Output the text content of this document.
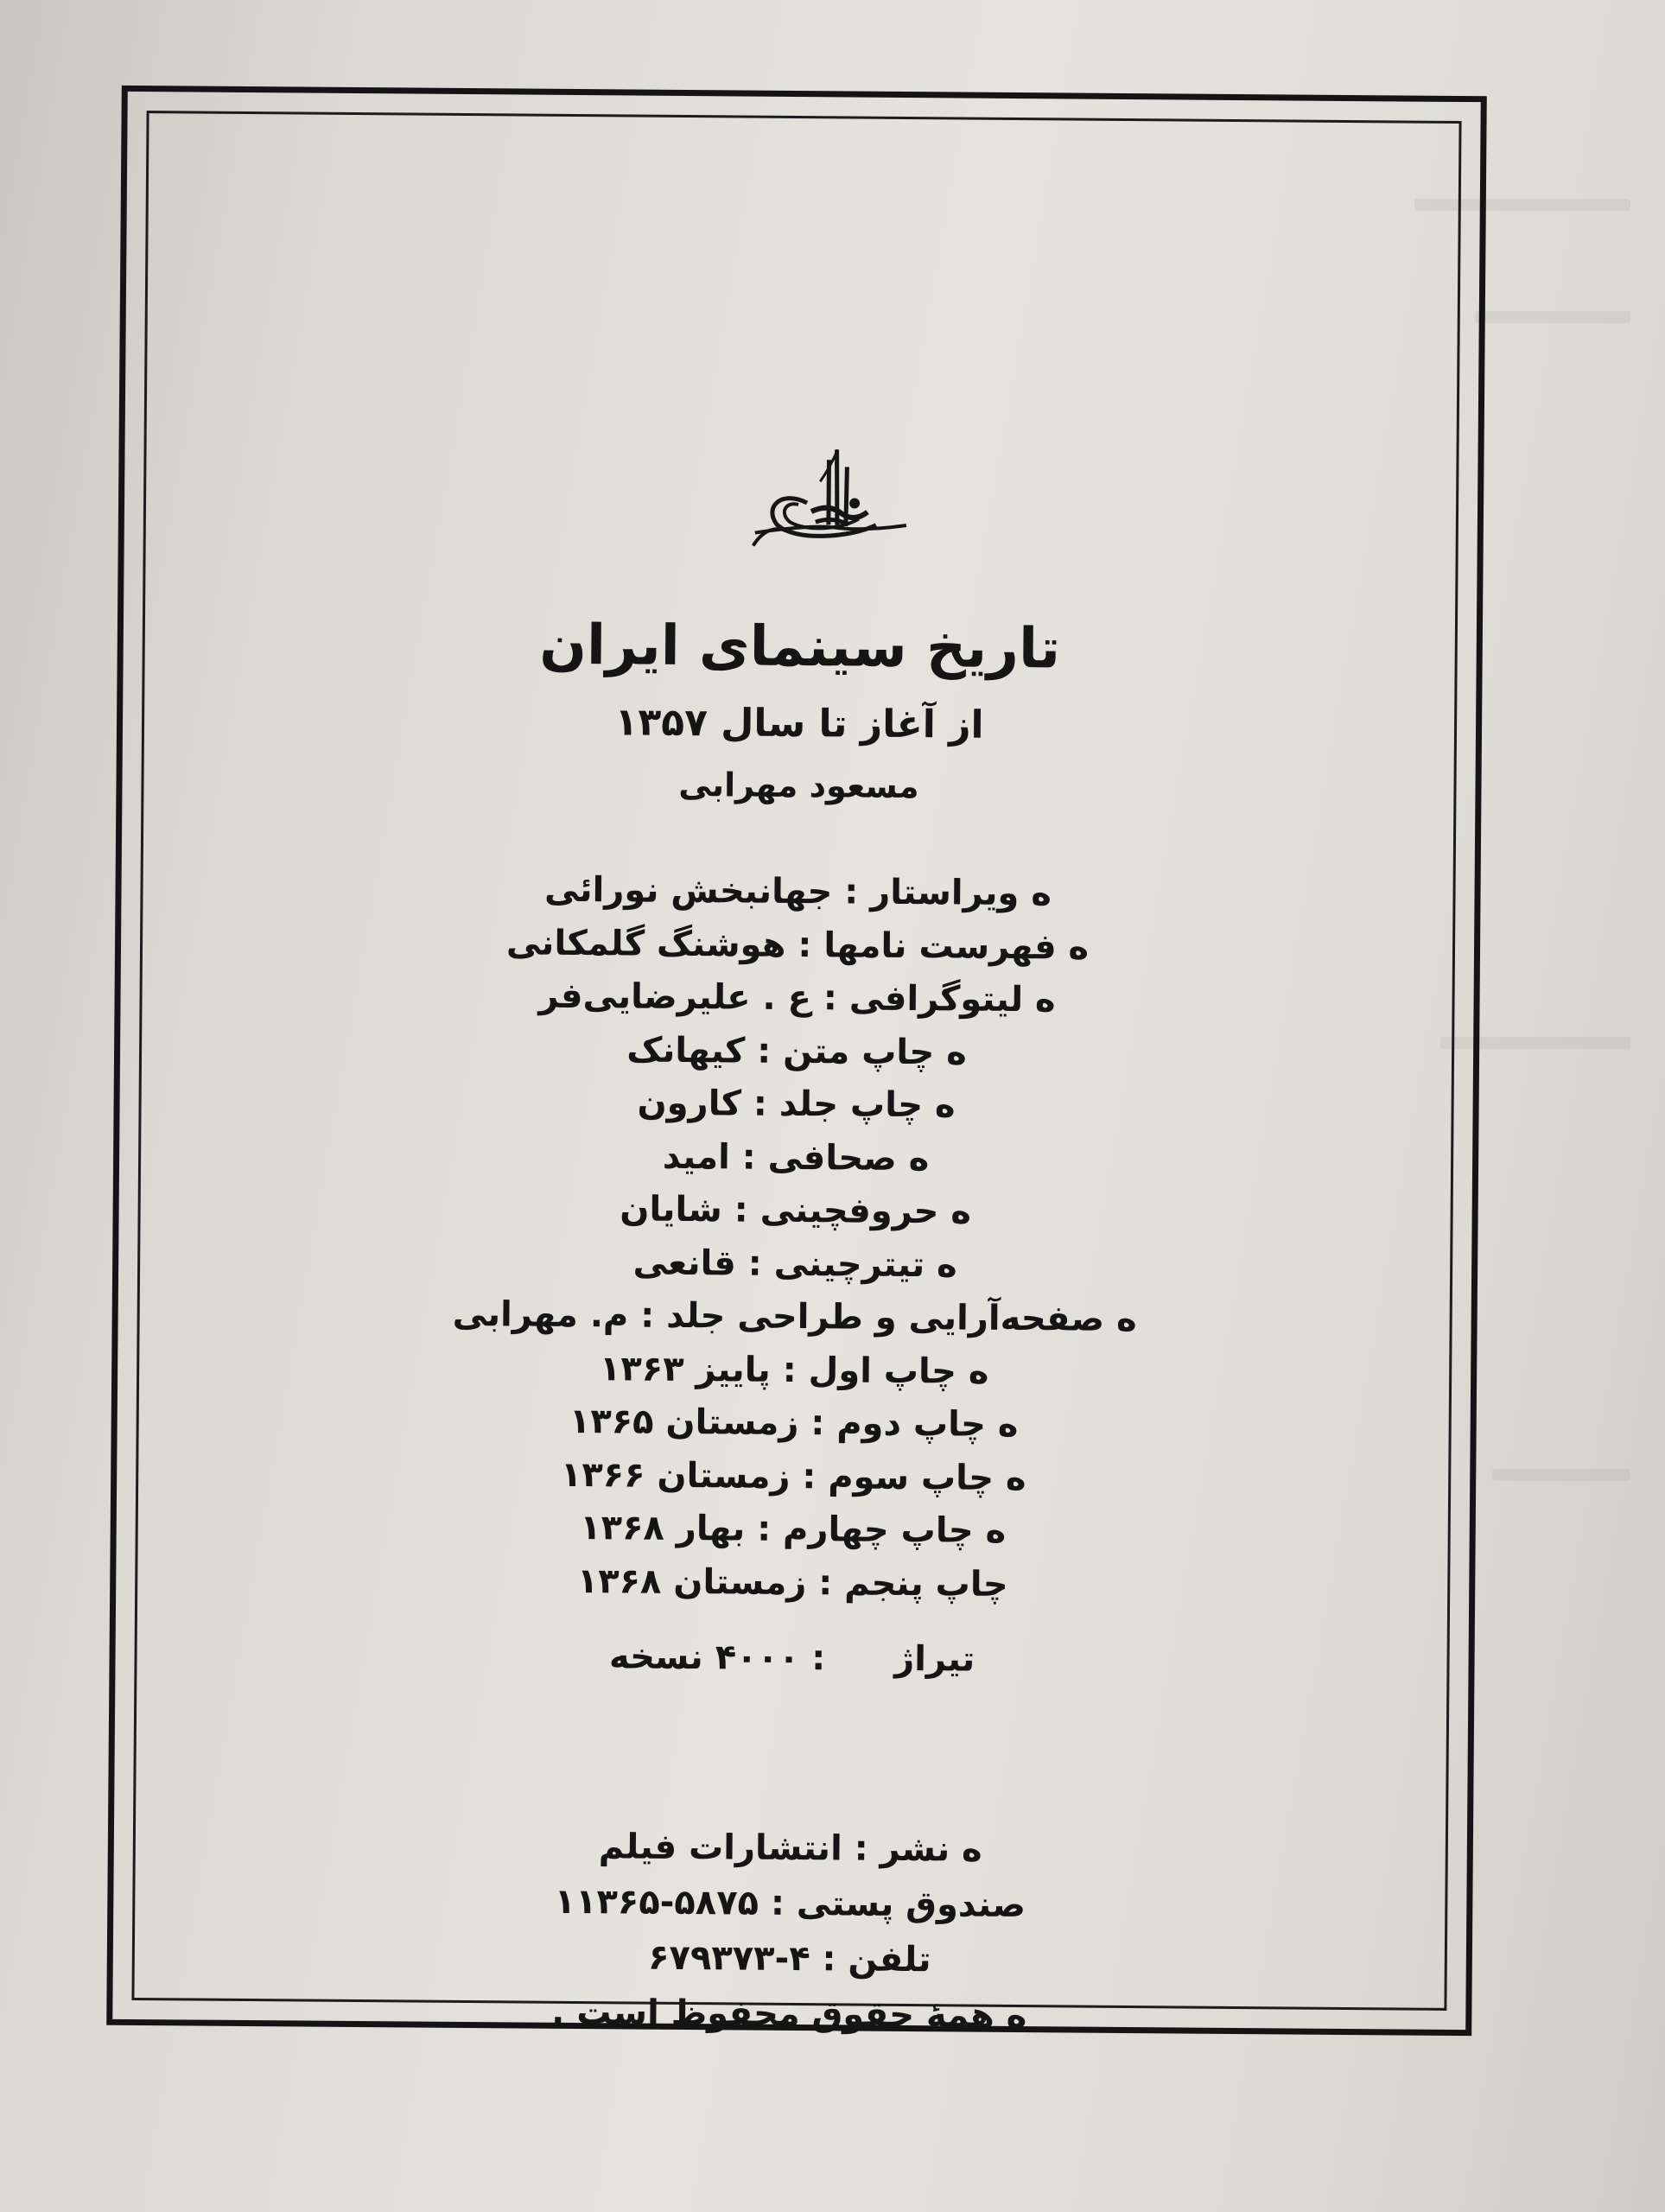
تاریخ سینمای ایران
از آغاز تا سال ۱۳۵۷
مسعود مهرابی
ه ویراستار : جهانبخش نورائی
ه فهرست نامها : هوشنگ گلمکانی
ه لیتوگرافی : ع . علیرضایی‌فر
ه چاپ متن : کیهانک
ه چاپ جلد : کارون
ه صحافی : امید
ه حروفچینی : شایان
ه تیترچینی : قانعی
ه صفحه‌آرایی و طراحی جلد : م. مهرابی
ه چاپ اول : پاییز ۱۳۶۳
ه چاپ دوم : زمستان ۱۳۶۵
ه چاپ سوم : زمستان ۱۳۶۶
ه چاپ چهارم : بهار ۱۳۶۸
چاپ پنجم : زمستان ۱۳۶۸
تیراژ: ۴۰۰۰ نسخه
ه نشر : انتشارات فیلم
صندوق پستی : ۵۸۷۵-۱۱۳۶۵
تلفن : ۴-۶۷۹۳۷۳
ه همهٔ حقوق محفوظ است .
